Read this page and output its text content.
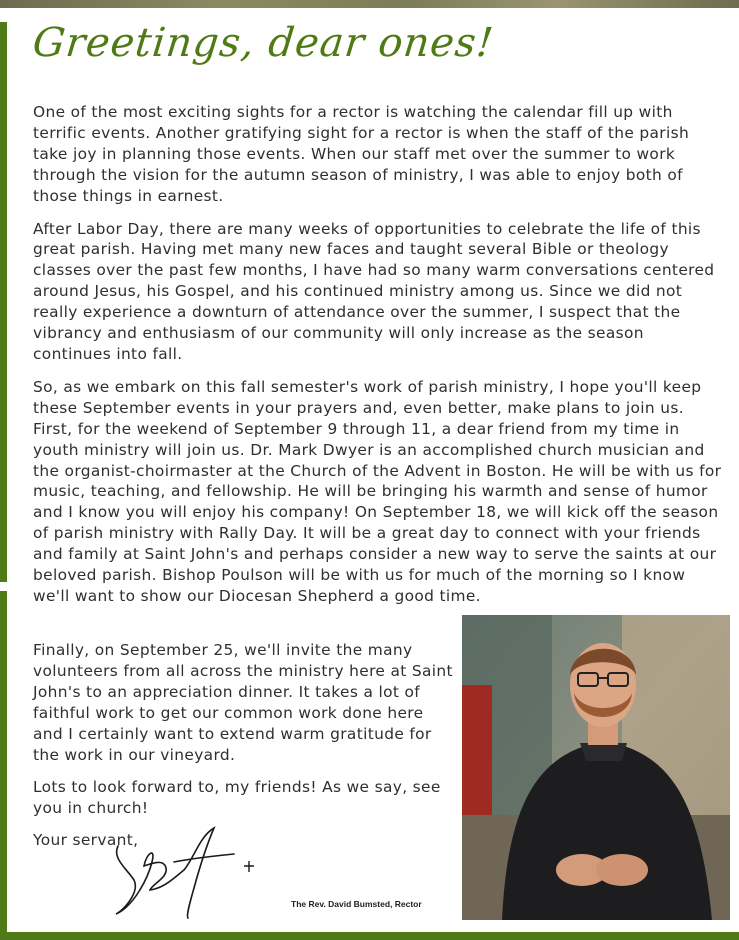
Greetings, dear ones!

One of the most exciting sights for a rector is watching the calendar fill up with terrific events. Another gratifying sight for a rector is when the staff of the parish take joy in planning those events. When our staff met over the summer to work through the vision for the autumn season of ministry, I was able to enjoy both of those things in earnest.

After Labor Day, there are many weeks of opportunities to celebrate the life of this great parish. Having met many new faces and taught several Bible or theology classes over the past few months, I have had so many warm conversations centered around Jesus, his Gospel, and his continued ministry among us. Since we did not really experience a downturn of attendance over the summer, I suspect that the vibrancy and enthusiasm of our community will only increase as the season continues into fall.

So, as we embark on this fall semester's work of parish ministry, I hope you'll keep these September events in your prayers and, even better, make plans to join us. First, for the weekend of September 9 through 11, a dear friend from my time in youth ministry will join us. Dr. Mark Dwyer is an accomplished church musician and the organist-choirmaster at the Church of the Advent in Boston. He will be with us for music, teaching, and fellowship. He will be bringing his warmth and sense of humor and I know you will enjoy his company! On September 18, we will kick off the season of parish ministry with Rally Day. It will be a great day to connect with your friends and family at Saint John's and perhaps consider a new way to serve the saints at our beloved parish. Bishop Poulson will be with us for much of the morning so I know we'll want to show our Diocesan Shepherd a good time.

Finally, on September 25, we'll invite the many volunteers from all across the ministry here at Saint John's to an appreciation dinner. It takes a lot of faithful work to get our common work done here and I certainly want to extend warm gratitude for the work in our vineyard.

Lots to look forward to, my friends! As we say, see you in church!

Your servant,
The Rev. David Bumsted, Rector
